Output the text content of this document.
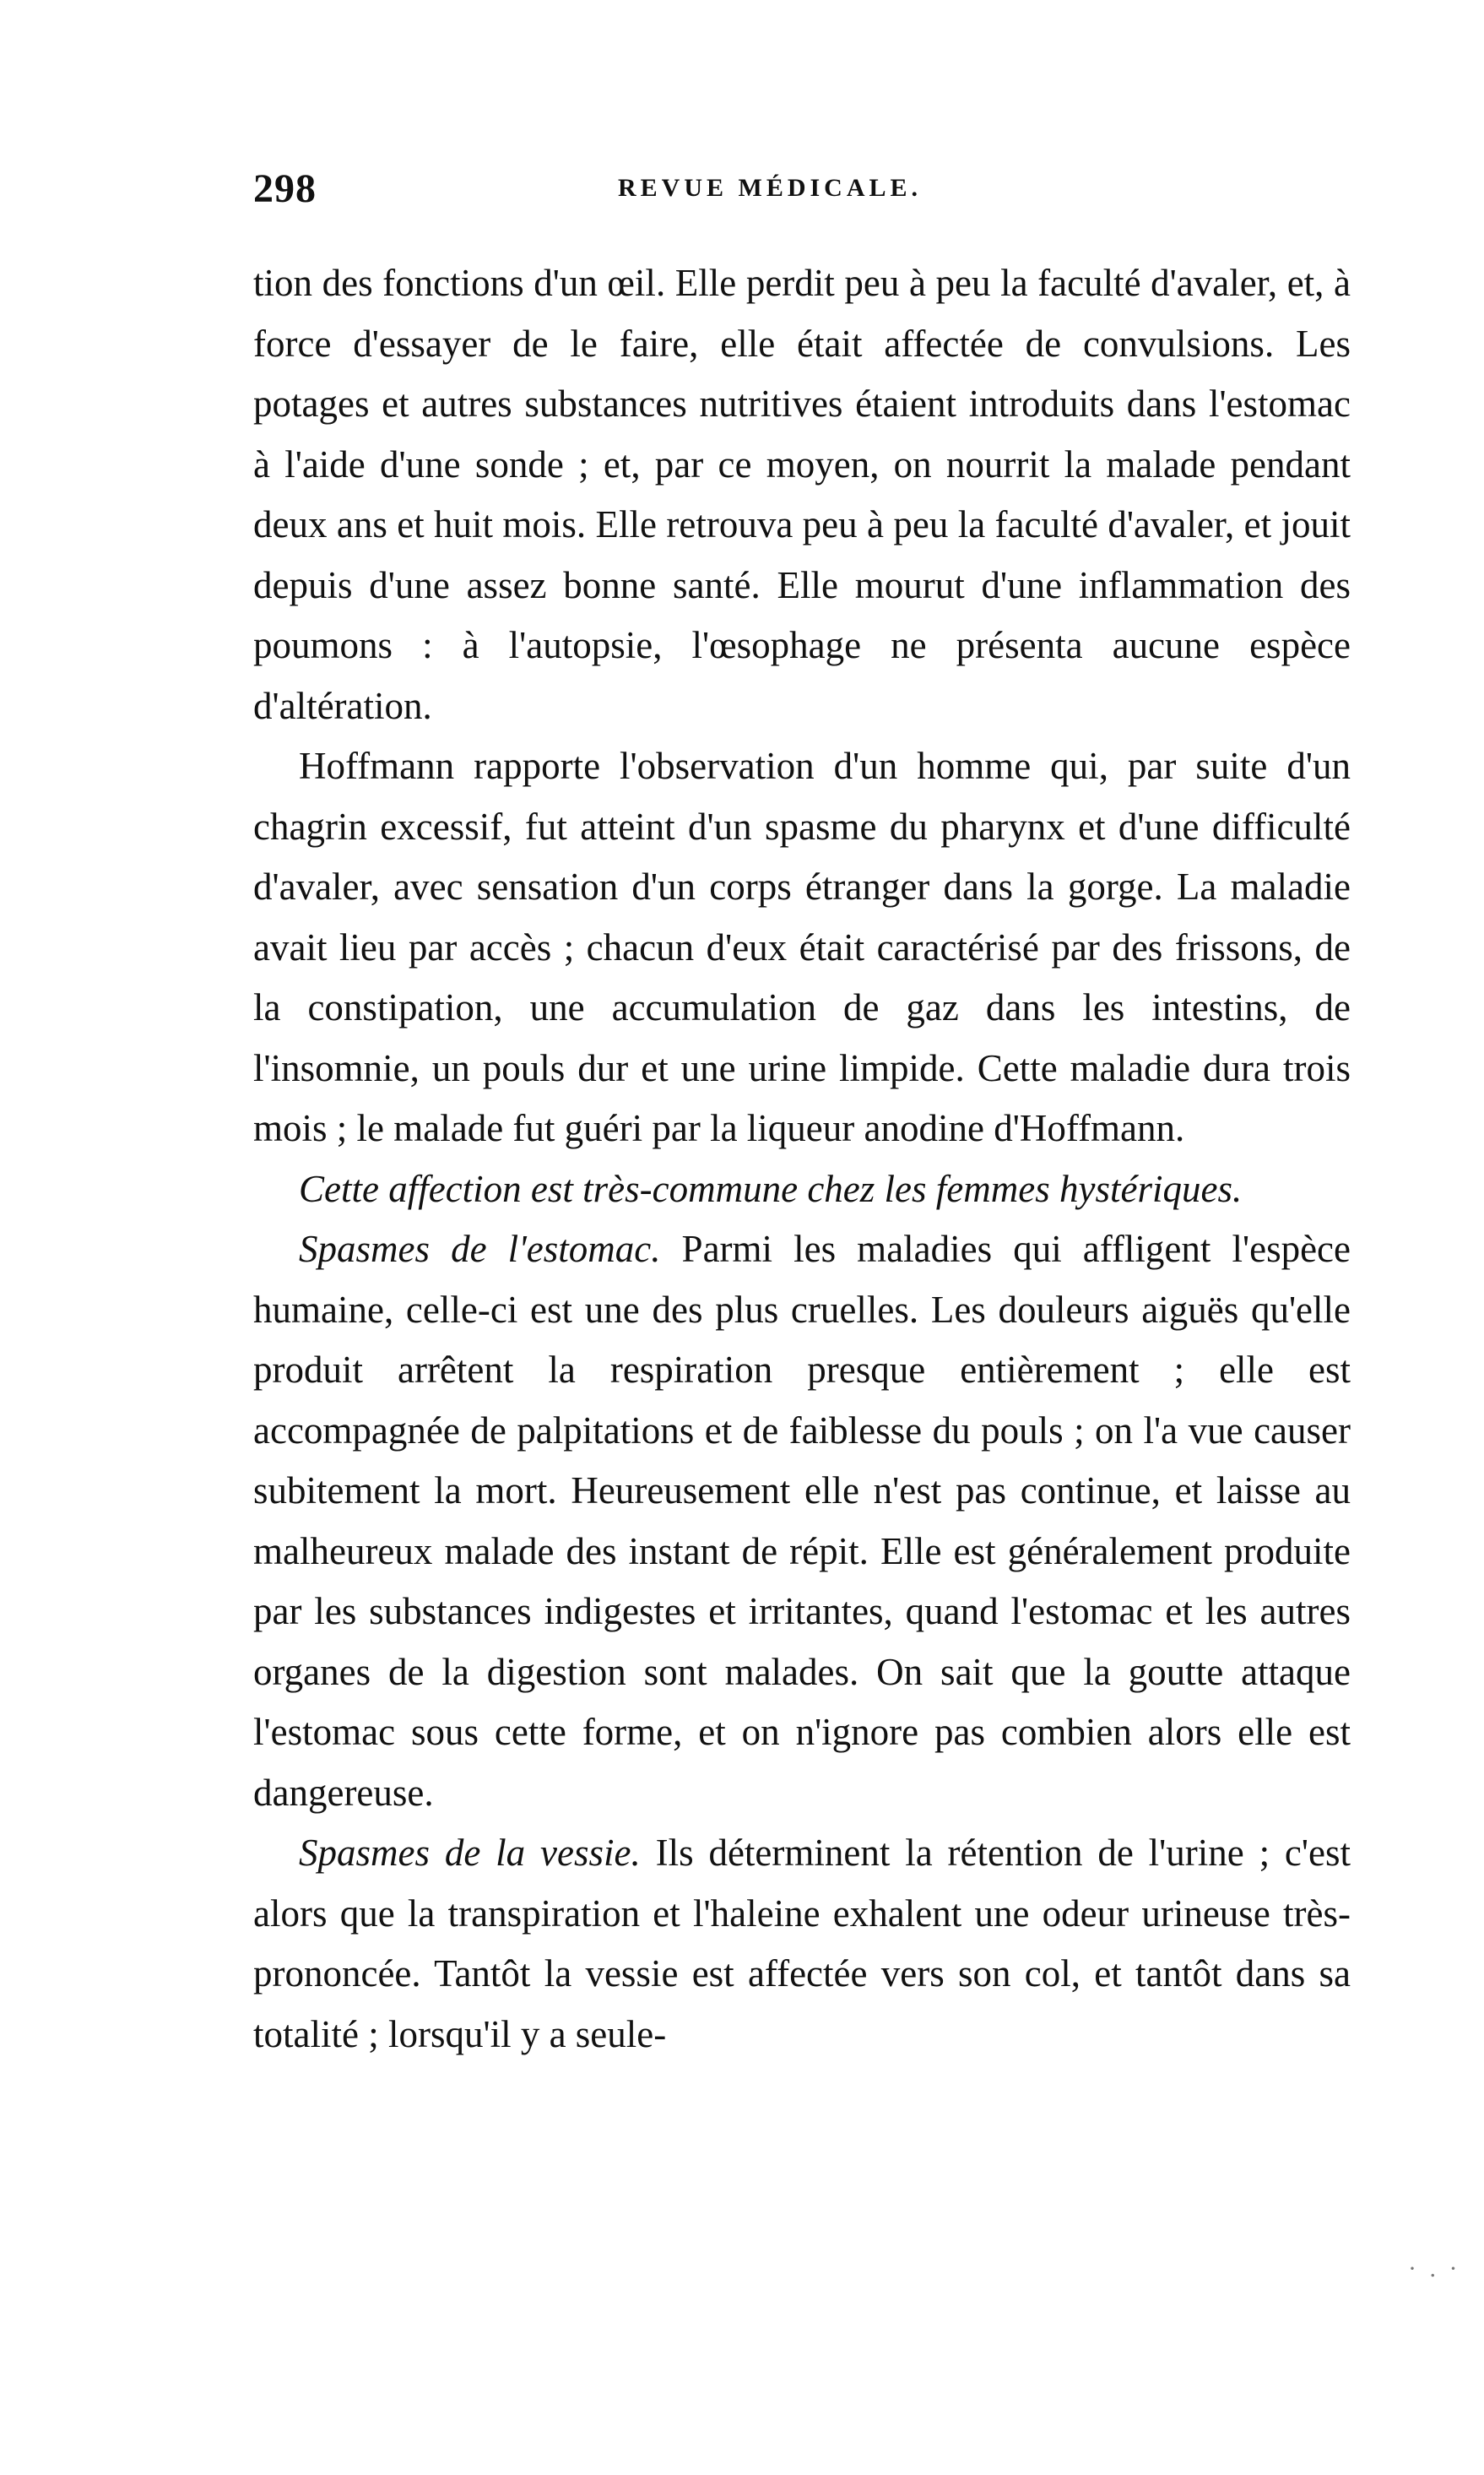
298	REVUE MÉDICALE.

tion des fonctions d'un œil. Elle perdit peu à peu la faculté d'avaler, et, à force d'essayer de le faire, elle était affectée de convulsions. Les potages et autres substances nutritives étaient introduits dans l'estomac à l'aide d'une sonde ; et, par ce moyen, on nourrit la malade pendant deux ans et huit mois. Elle retrouva peu à peu la faculté d'avaler, et jouit depuis d'une assez bonne santé. Elle mourut d'une inflammation des poumons : à l'autopsie, l'œsophage ne présenta aucune espèce d'altération.

Hoffmann rapporte l'observation d'un homme qui, par suite d'un chagrin excessif, fut atteint d'un spasme du pharynx et d'une difficulté d'avaler, avec sensation d'un corps étranger dans la gorge. La maladie avait lieu par accès ; chacun d'eux était caractérisé par des frissons, de la constipation, une accumulation de gaz dans les intestins, de l'insomnie, un pouls dur et une urine limpide. Cette maladie dura trois mois ; le malade fut guéri par la liqueur anodine d'Hoffmann.

Cette affection est très-commune chez les femmes hystériques.

Spasmes de l'estomac. Parmi les maladies qui affligent l'espèce humaine, celle-ci est une des plus cruelles. Les douleurs aiguës qu'elle produit arrêtent la respiration presque entièrement ; elle est accompagnée de palpitations et de faiblesse du pouls ; on l'a vue causer subitement la mort. Heureusement elle n'est pas continue, et laisse au malheureux malade des instant de répit. Elle est généralement produite par les substances indigestes et irritantes, quand l'estomac et les autres organes de la digestion sont malades. On sait que la goutte attaque l'estomac sous cette forme, et on n'ignore pas combien alors elle est dangereuse.

Spasmes de la vessie. Ils déterminent la rétention de l'urine ; c'est alors que la transpiration et l'haleine exhalent une odeur urineuse très-prononcée. Tantôt la vessie est affectée vers son col, et tantôt dans sa totalité ; lorsqu'il y a seule-

· . ·
